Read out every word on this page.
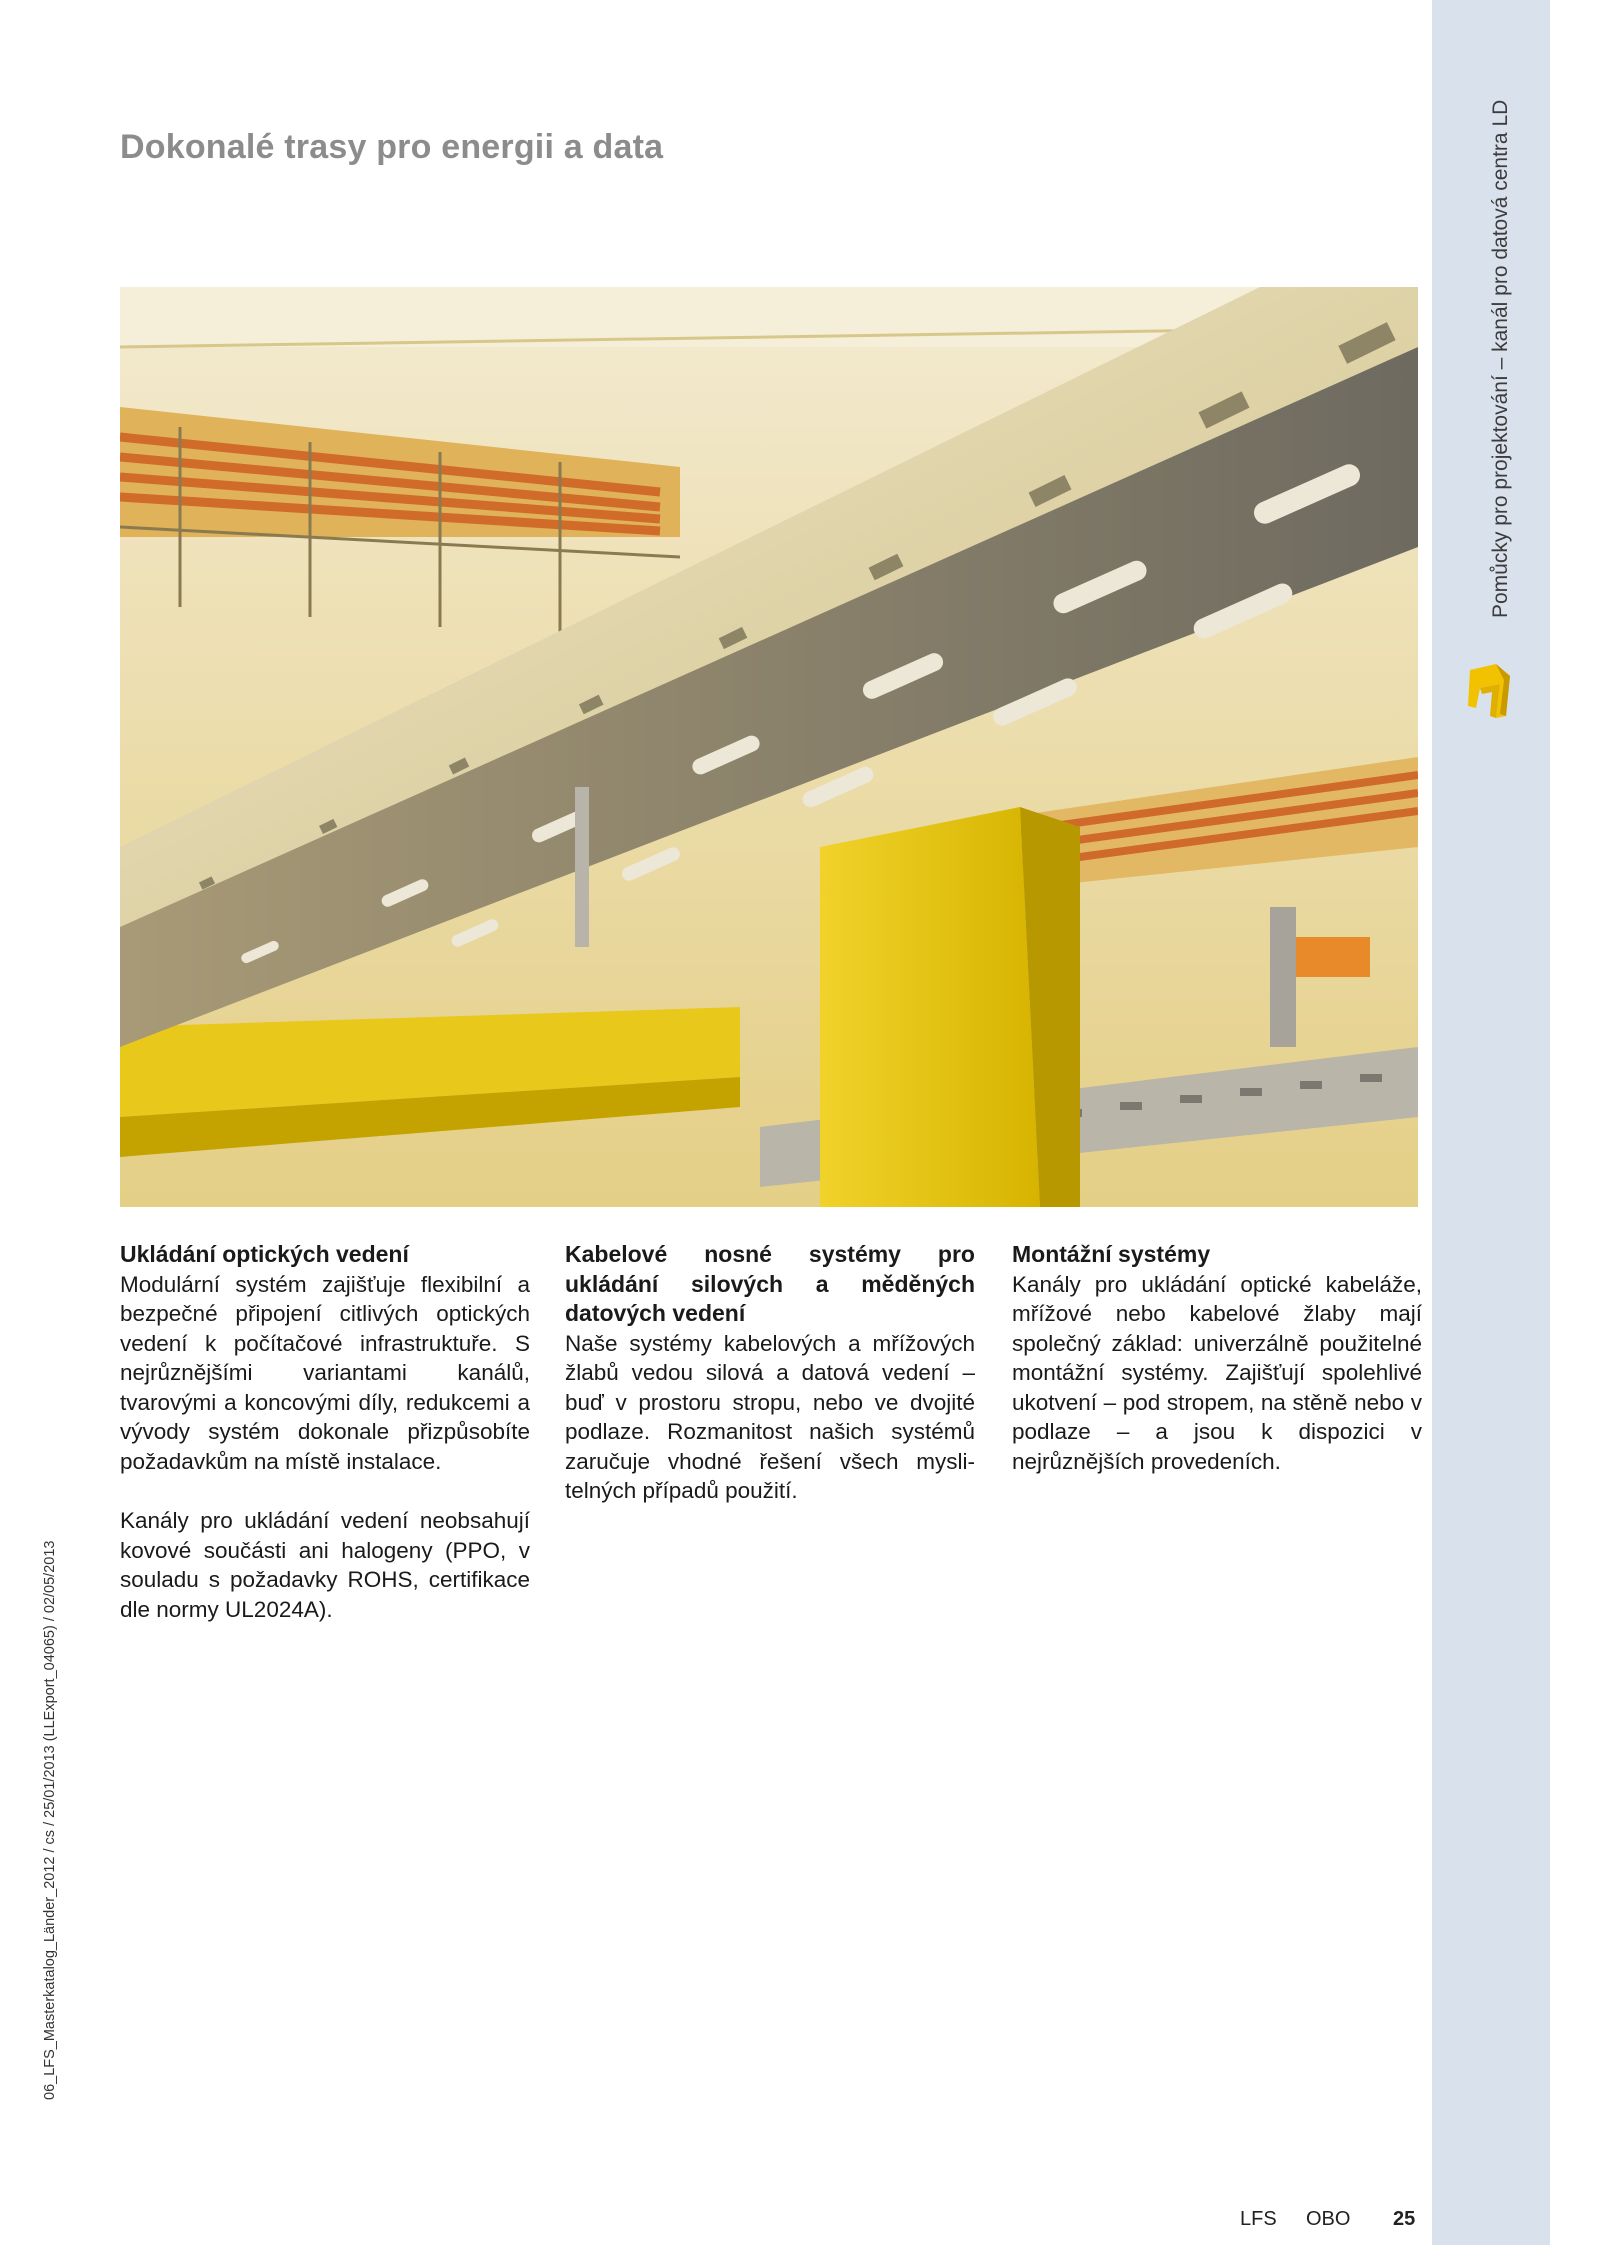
Dokonalé trasy pro energii a data	Pomůcky pro projektování – kanál pro datová centra LD
06_LFS_Masterkatalog_Länder_2012 / cs / 25/01/2013 (LLExport_04065) / 02/05/2013
Ukládání optických vedení

Modulární systém zajišťuje flexibilní a bezpečné připojení citlivých optických vedení k počítačové infrastruktuře. S nejrůznějšími variantami kanálů, tvarovými a koncovými díly, redukcemi a vývody systém dokonale přizpůsobíte požadavkům na místě instalace.

Kanály pro ukládání vedení neobsahují kovové součásti ani halogeny (PPO, v souladu s požadavky ROHS, certifikace dle normy UL2024A).

Kabelové nosné systémy pro ukládání silových a měděných datových vedení

Naše systémy kabelových a mřížových žlabů vedou silová a datová vedení – buď v prostoru stropu, nebo ve dvojité podlaze. Rozmanitost našich systémů zaručuje vhodné řešení všech myslitelných případů použití.

Montážní systémy

Kanály pro ukládání optické kabeláže, mřížové nebo kabelové žlaby mají společný základ: univerzálně použitelné montážní systémy. Zajišťují spolehlivé ukotvení – pod stropem, na stěně nebo v podlaze – a jsou k dispozici v nejrůznějších provedeních.

LFS OBO 25
